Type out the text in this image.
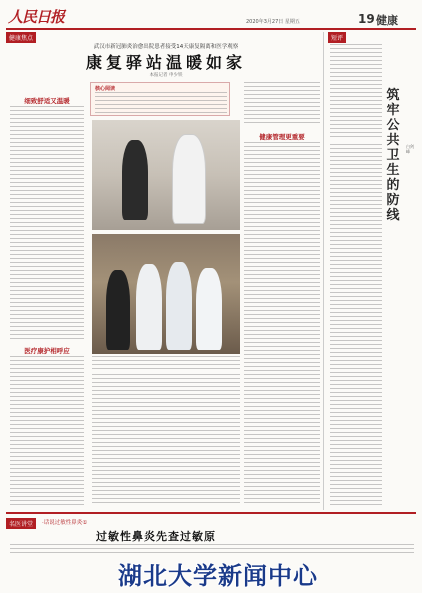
人民日报	2020年3月27日 星期五	19 健康
健康焦点
武汉市新冠肺炎治愈出院患者接受14天康复隔离和医学观察
康复驿站温暖如家
本报记者 申少铁
细致舒适又温暖
医疗康护相呼应
核心阅读
健康管理更重要
短评
筑牢公共卫生的防线
白剑峰
名医讲堂	·话说过敏性鼻炎①
过敏性鼻炎先查过敏原
湖北大学新闻中心
